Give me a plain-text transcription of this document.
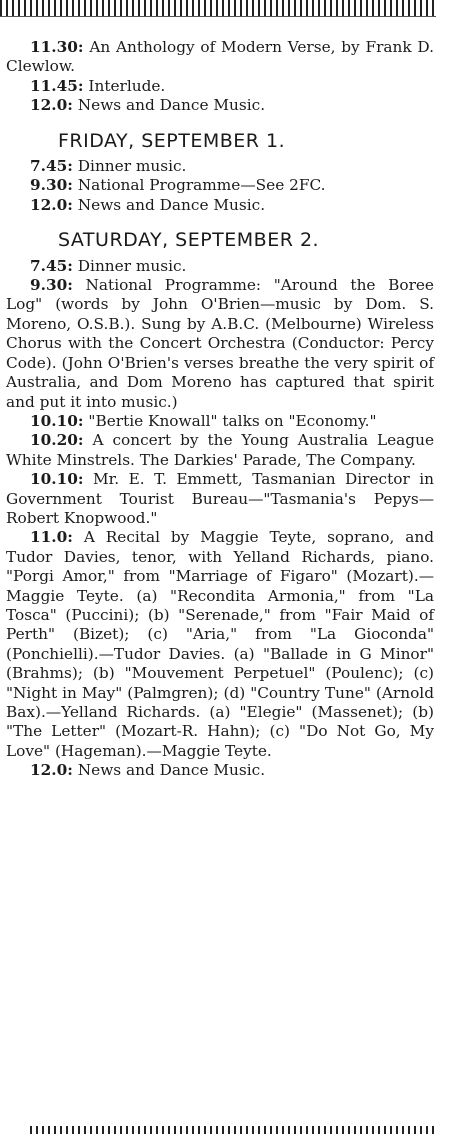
11.30: An Anthology of Modern Verse, by Frank D. Clewlow.

11.45: Interlude.

12.0: News and Dance Music.

FRIDAY, SEPTEMBER 1.

7.45: Dinner music.

9.30: National Programme—See 2FC.

12.0: News and Dance Music.

SATURDAY, SEPTEMBER 2.

7.45: Dinner music.

9.30: National Programme: "Around the Boree Log" (words by John O'Brien—music by Dom. S. Moreno, O.S.B.). Sung by A.B.C. (Melbourne) Wireless Chorus with the Concert Orchestra (Conductor: Percy Code). (John O'Brien's verses breathe the very spirit of Australia, and Dom Moreno has captured that spirit and put it into music.)

10.10: "Bertie Knowall" talks on "Economy."

10.20: A concert by the Young Australia League White Minstrels. The Darkies' Parade, The Company.

10.10: Mr. E. T. Emmett, Tasmanian Director in Government Tourist Bureau—"Tasmania's Pepys—Robert Knopwood."

11.0: A Recital by Maggie Teyte, soprano, and Tudor Davies, tenor, with Yelland Richards, piano. "Porgi Amor," from "Marriage of Figaro" (Mozart).—Maggie Teyte. (a) "Recondita Armonia," from "La Tosca" (Puccini); (b) "Serenade," from "Fair Maid of Perth" (Bizet); (c) "Aria," from "La Gioconda" (Ponchielli).—Tudor Davies. (a) "Ballade in G Minor" (Brahms); (b) "Mouvement Perpetuel" (Poulenc); (c) "Night in May" (Palmgren); (d) "Country Tune" (Arnold Bax).—Yelland Richards. (a) "Elegie" (Massenet); (b) "The Letter" (Mozart-R. Hahn); (c) "Do Not Go, My Love" (Hageman).—Maggie Teyte.

12.0: News and Dance Music.
